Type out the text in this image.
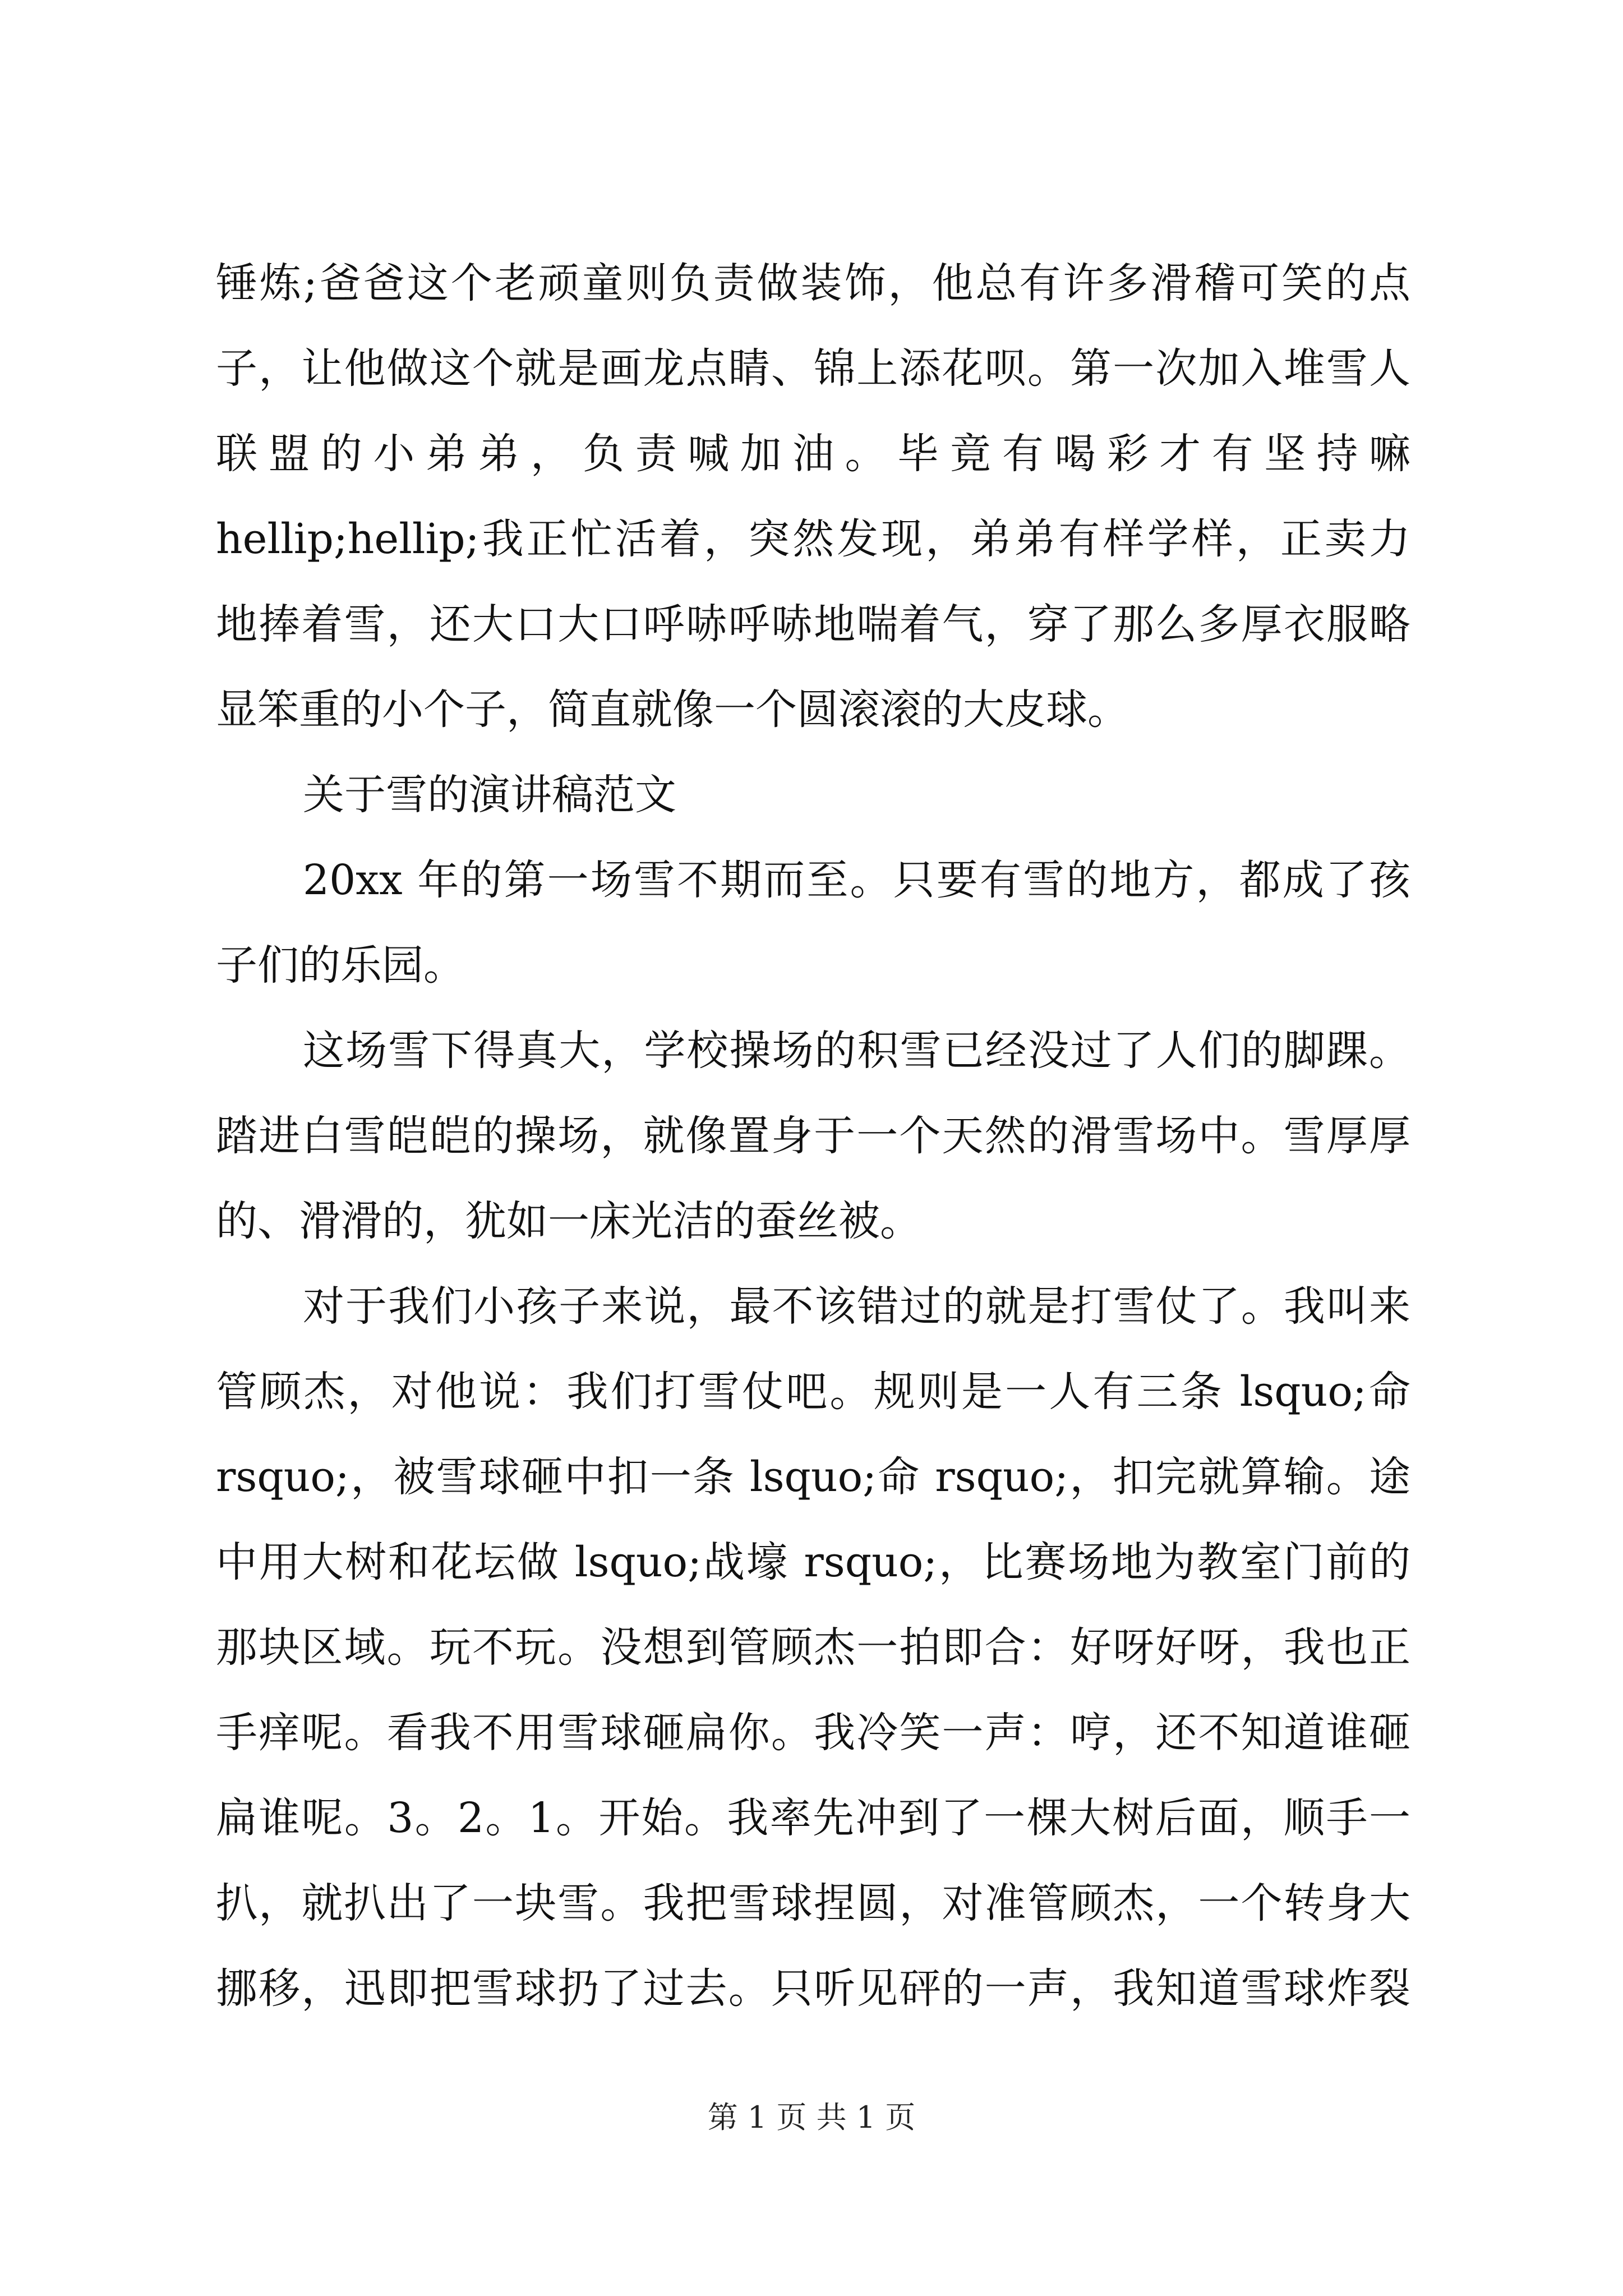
锤炼;爸爸这个老顽童则负责做装饰，他总有许多滑稽可笑的点
子，让他做这个就是画龙点睛、锦上添花呗。第一次加入堆雪人
联盟的小弟弟，负责喊加油。毕竟有喝彩才有坚持嘛
hellip;hellip;我正忙活着，突然发现，弟弟有样学样，正卖力
地捧着雪，还大口大口呼哧呼哧地喘着气，穿了那么多厚衣服略
显笨重的小个子，简直就像一个圆滚滚的大皮球。
关于雪的演讲稿范文
20xx 年的第一场雪不期而至。只要有雪的地方，都成了孩
子们的乐园。
这场雪下得真大，学校操场的积雪已经没过了人们的脚踝。
踏进白雪皑皑的操场，就像置身于一个天然的滑雪场中。雪厚厚
的、滑滑的，犹如一床光洁的蚕丝被。
对于我们小孩子来说，最不该错过的就是打雪仗了。我叫来
管顾杰，对他说：我们打雪仗吧。规则是一人有三条 lsquo;命
rsquo;，被雪球砸中扣一条 lsquo;命 rsquo;，扣完就算输。途
中用大树和花坛做 lsquo;战壕 rsquo;，比赛场地为教室门前的
那块区域。玩不玩。没想到管顾杰一拍即合：好呀好呀，我也正
手痒呢。看我不用雪球砸扁你。我冷笑一声：哼，还不知道谁砸
扁谁呢。3。2。1。开始。我率先冲到了一棵大树后面，顺手一
扒，就扒出了一块雪。我把雪球捏圆，对准管顾杰，一个转身大
挪移，迅即把雪球扔了过去。只听见砰的一声，我知道雪球炸裂
第 1 页 共 1 页
